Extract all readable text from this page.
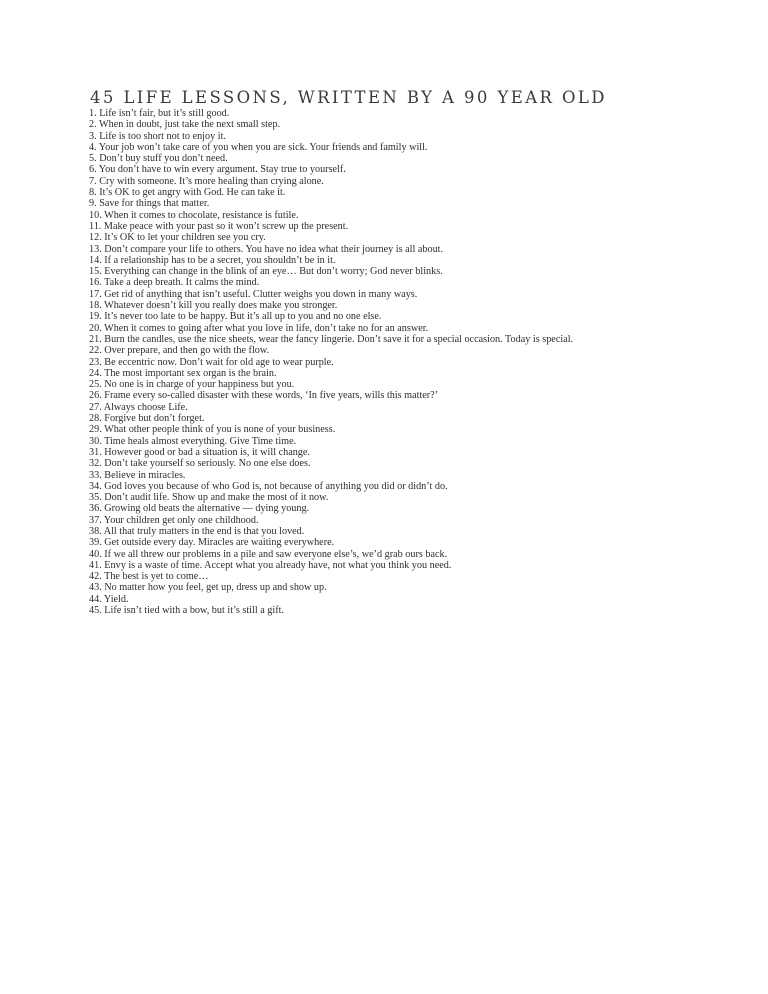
45 LIFE LESSONS, WRITTEN BY A 90 YEAR OLD
1. Life isn’t fair, but it’s still good.
2. When in doubt, just take the next small step.
3. Life is too short not to enjoy it.
4. Your job won’t take care of you when you are sick. Your friends and family will.
5. Don’t buy stuff you don’t need.
6. You don’t have to win every argument. Stay true to yourself.
7. Cry with someone. It’s more healing than crying alone.
8. It’s OK to get angry with God. He can take it.
9. Save for things that matter.
10. When it comes to chocolate, resistance is futile.
11. Make peace with your past so it won’t screw up the present.
12. It’s OK to let your children see you cry.
13. Don’t compare your life to others. You have no idea what their journey is all about.
14. If a relationship has to be a secret, you shouldn’t be in it.
15. Everything can change in the blink of an eye… But don’t worry; God never blinks.
16. Take a deep breath. It calms the mind.
17. Get rid of anything that isn’t useful. Clutter weighs you down in many ways.
18. Whatever doesn’t kill you really does make you stronger.
19. It’s never too late to be happy. But it’s all up to you and no one else.
20. When it comes to going after what you love in life, don’t take no for an answer.
21. Burn the candles, use the nice sheets, wear the fancy lingerie. Don’t save it for a special occasion. Today is special.
22. Over prepare, and then go with the flow.
23. Be eccentric now. Don’t wait for old age to wear purple.
24. The most important sex organ is the brain.
25. No one is in charge of your happiness but you.
26. Frame every so-called disaster with these words, ‘In five years, wills this matter?’
27. Always choose Life.
28. Forgive but don’t forget.
29. What other people think of you is none of your business.
30. Time heals almost everything. Give Time time.
31. However good or bad a situation is, it will change.
32. Don’t take yourself so seriously. No one else does.
33. Believe in miracles.
34. God loves you because of who God is, not because of anything you did or didn’t do.
35. Don’t audit life. Show up and make the most of it now.
36. Growing old beats the alternative — dying young.
37. Your children get only one childhood.
38. All that truly matters in the end is that you loved.
39. Get outside every day. Miracles are waiting everywhere.
40. If we all threw our problems in a pile and saw everyone else’s, we’d grab ours back.
41. Envy is a waste of time. Accept what you already have, not what you think you need.
42. The best is yet to come…
43. No matter how you feel, get up, dress up and show up.
44. Yield.
45. Life isn’t tied with a bow, but it’s still a gift.
